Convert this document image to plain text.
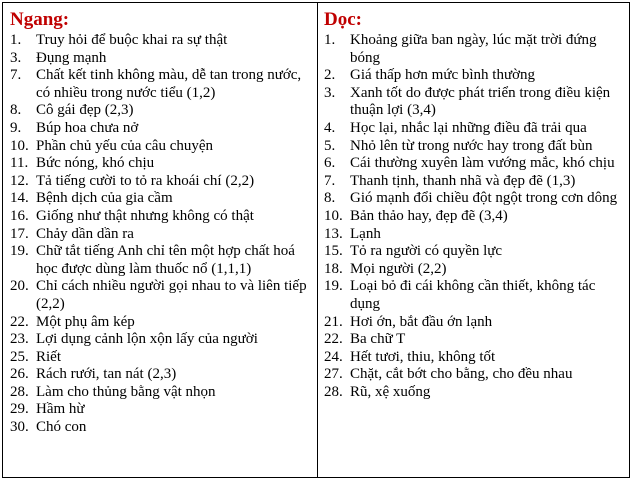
Ngang:
1. Truy hỏi để buộc khai ra sự thật
3. Đụng mạnh
7. Chất kết tinh không màu, dễ tan trong nước, có nhiều trong nước tiểu (1,2)
8. Cô gái đẹp (2,3)
9. Búp hoa chưa nở
10. Phần chủ yếu của câu chuyện
11. Bức nóng, khó chịu
12. Tả tiếng cười to tỏ ra khoái chí (2,2)
14. Bệnh dịch của gia cầm
16. Giống như thật nhưng không có thật
17. Chảy dần dần ra
19. Chữ tắt tiếng Anh chỉ tên một hợp chất hoá học được dùng làm thuốc nổ (1,1,1)
20. Chỉ cách nhiều người gọi nhau to và liên tiếp (2,2)
22. Một phụ âm kép
23. Lợi dụng cảnh lộn xộn lấy của người
25. Riết
26. Rách rưới, tan nát (2,3)
28. Làm cho thủng bằng vật nhọn
29. Hầm hừ
30. Chó con
Dọc:
1. Khoảng giữa ban ngày, lúc mặt trời đứng bóng
2. Giá thấp hơn mức bình thường
3. Xanh tốt do được phát triển trong điều kiện thuận lợi (3,4)
4. Học lại, nhắc lại những điều đã trải qua
5. Nhỏ lên từ trong nước hay trong đất bùn
6. Cái thường xuyên làm vướng mắc, khó chịu
7. Thanh tịnh, thanh nhã và đẹp đẽ (1,3)
8. Gió mạnh đổi chiều đột ngột trong cơn dông
10. Bản thảo hay, đẹp đẽ (3,4)
13. Lạnh
15. Tỏ ra người có quyền lực
18. Mọi người (2,2)
19. Loại bỏ đi cái không cần thiết, không tác dụng
21. Hơi ớn, bắt đầu ớn lạnh
22. Ba chữ T
24. Hết tươi, thiu, không tốt
27. Chặt, cắt bớt cho bằng, cho đều nhau
28. Rũ, xệ xuống
